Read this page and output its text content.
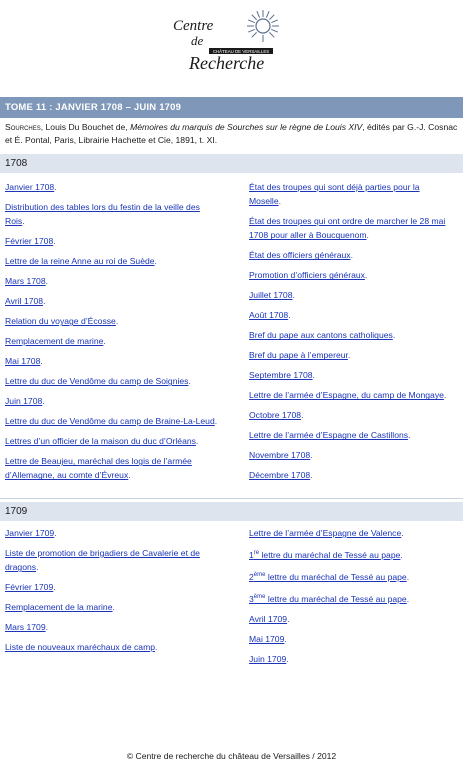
Centre
de
CHÂTEAU DE VERSAILLES
Recherche
TOME 11 : JANVIER 1708 – JUIN 1709
Sourches, Louis Du Bouchet de, Mémoires du marquis de Sourches sur le règne de Louis XIV, édités par G.-J. Cosnac et É. Pontal, Paris, Librairie Hachette et Cie, 1891, t. XI.
1708
Janvier 1708.
Distribution des tables lors du festin de la veille des Rois.
Février 1708.
Lettre de la reine Anne au roi de Suède.
Mars 1708.
Avril 1708.
Relation du voyage d’Écosse.
Remplacement de marine.
Mai 1708.
Lettre du duc de Vendôme du camp de Soignies.
Juin 1708.
Lettre du duc de Vendôme du camp de Braine-La-Leud.
Lettres d’un officier de la maison du duc d’Orléans.
Lettre de Beaujeu, maréchal des logis de l’armée d’Allemagne, au comte d’Évreux.
État des troupes qui sont déjà parties pour la Moselle.
État des troupes qui ont ordre de marcher le 28 mai 1708 pour aller à Boucquenom.
État des officiers généraux.
Promotion d’officiers généraux.
Juillet 1708.
Août 1708.
Bref du pape aux cantons catholiques.
Bref du pape à l’empereur.
Septembre 1708.
Lettre de l’armée d’Espagne, du camp de Mongaye.
Octobre 1708.
Lettre de l’armée d’Espagne de Castillons.
Novembre 1708.
Décembre 1708.
1709
Janvier 1709.
Liste de promotion de brigadiers de Cavalerie et de dragons.
Février 1709.
Remplacement de la marine.
Mars 1709.
Liste de nouveaux maréchaux de camp.
Lettre de l’armée d’Espagne de Valence.
1re lettre du maréchal de Tessé au pape.
2ème lettre du maréchal de Tessé au pape.
3ème lettre du maréchal de Tessé au pape.
Avril 1709.
Mai 1709.
Juin 1709.
© Centre de recherche du château de Versailles / 2012
